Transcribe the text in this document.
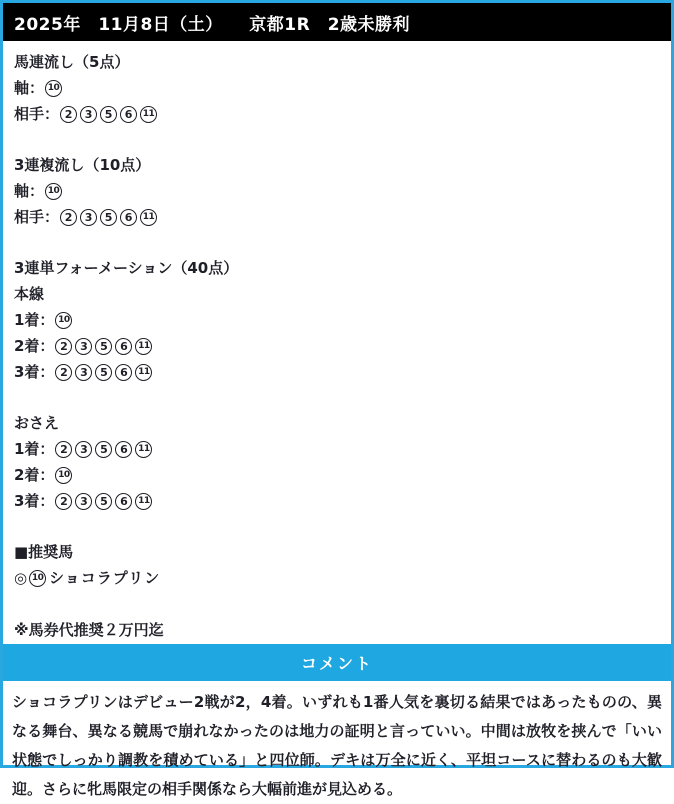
2025年　11月8日（土）　　京都1R　2歳未勝利
馬連流し（5点）
軸： 10
相手： 2	3	5	6	11
3連複流し（10点）
軸： 10
相手： 2	3	5	6	11
3連単フォーメーション（40点）
本線
1着： 10
2着： 2	3	5	6	11
3着： 2	3	5	6	11
おさえ
1着： 2	3	5	6	11
2着： 10
3着： 2	3	5	6	11
■推奨馬
◎ 10 ショコラプリン
※馬券代推奨２万円迄
コメント
ショコラプリンはデビュー2戦が2，4着。いずれも1番人気を裏切る結果ではあったものの、異なる舞台、異なる競馬で崩れなかったのは地力の証明と言っていい。中間は放牧を挟んで「いい状態でしっかり調教を積めている」と四位師。デキは万全に近く、平坦コースに替わるのも大歓迎。さらに牝馬限定の相手関係なら大幅前進が見込める。
